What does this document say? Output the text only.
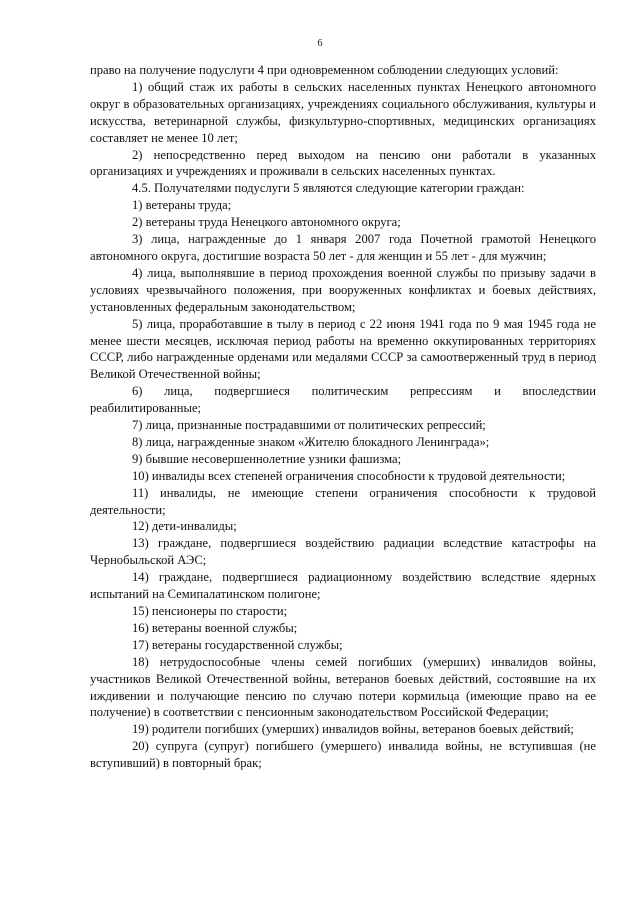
6

право на получение подуслуги 4 при одновременном соблюдении следующих условий:

1) общий стаж их работы в сельских населенных пунктах Ненецкого автономного округ в образовательных организациях, учреждениях социального обслуживания, культуры и искусства, ветеринарной службы, физкультурно-спортивных, медицинских организациях составляет не менее 10 лет;

2) непосредственно перед выходом на пенсию они работали в указанных организациях и учреждениях и проживали в сельских населенных пунктах.

4.5. Получателями подуслуги 5 являются следующие категории граждан:

1) ветераны труда;

2) ветераны труда Ненецкого автономного округа;

3) лица, награжденные до 1 января 2007 года Почетной грамотой Ненецкого автономного округа, достигшие возраста 50 лет - для женщин и 55 лет - для мужчин;

4) лица, выполнявшие в период прохождения военной службы по призыву задачи в условиях чрезвычайного положения, при вооруженных конфликтах и боевых действиях, установленных федеральным законодательством;

5) лица, проработавшие в тылу в период с 22 июня 1941 года по 9 мая 1945 года не менее шести месяцев, исключая период работы на временно оккупированных территориях СССР, либо награжденные орденами или медалями СССР за самоотверженный труд в период Великой Отечественной войны;

6) лица, подвергшиеся политическим репрессиям и впоследствии реабилитированные;

7) лица, признанные пострадавшими от политических репрессий;

8) лица, награжденные знаком «Жителю блокадного Ленинграда»;

9) бывшие несовершеннолетние узники фашизма;

10) инвалиды всех степеней ограничения способности к трудовой деятельности;

11) инвалиды, не имеющие степени ограничения способности к трудовой деятельности;

12) дети-инвалиды;

13) граждане, подвергшиеся воздействию радиации вследствие катастрофы на Чернобыльской АЭС;

14) граждане, подвергшиеся радиационному воздействию вследствие ядерных испытаний на Семипалатинском полигоне;

15) пенсионеры по старости;

16) ветераны военной службы;

17) ветераны государственной службы;

18) нетрудоспособные члены семей погибших (умерших) инвалидов войны, участников Великой Отечественной войны, ветеранов боевых действий, состоявшие на их иждивении и получающие пенсию по случаю потери кормильца (имеющие право на ее получение) в соответствии с пенсионным законодательством Российской Федерации;

19) родители погибших (умерших) инвалидов войны, ветеранов боевых действий;

20) супруга (супруг) погибшего (умершего) инвалида войны, не вступившая (не вступивший) в повторный брак;
